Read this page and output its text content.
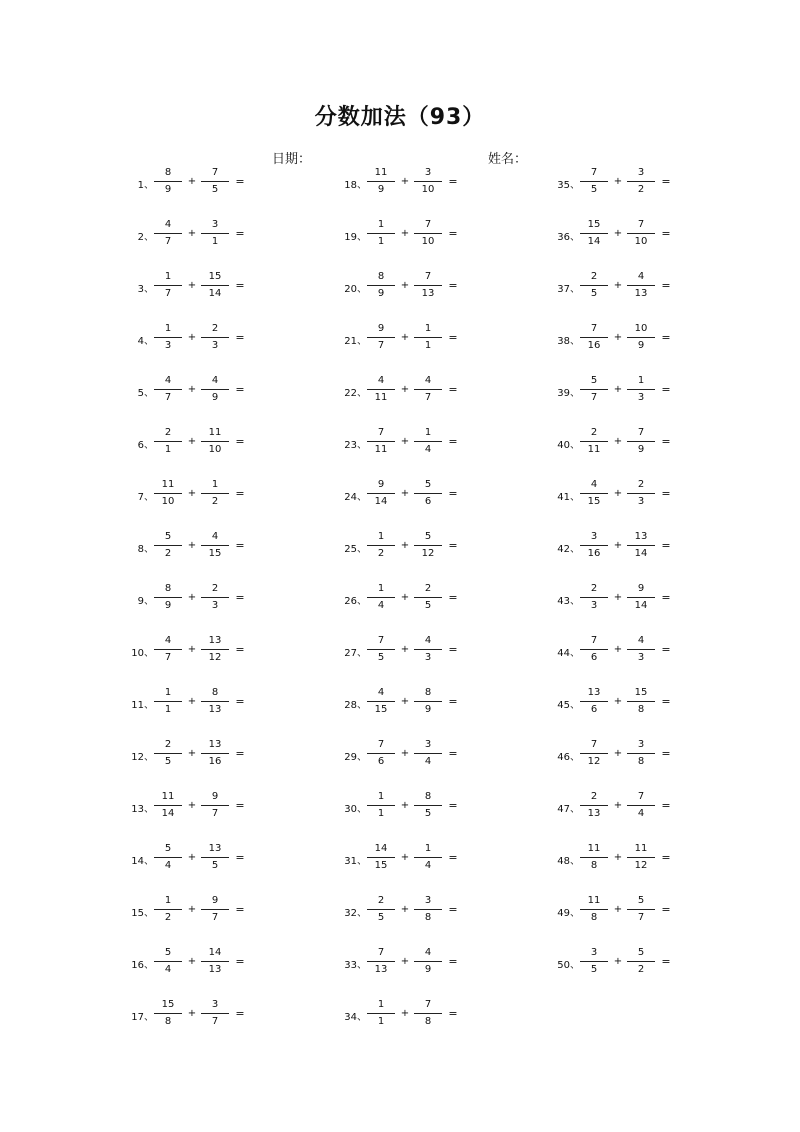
分数加法（93）
日期：	姓名：
1、
8
9
+
7
5
=
2、
4
7
+
3
1
=
3、
1
7
+
15
14
=
4、
1
3
+
2
3
=
5、
4
7
+
4
9
=
6、
2
1
+
11
10
=
7、
11
10
+
1
2
=
8、
5
2
+
4
15
=
9、
8
9
+
2
3
=
10、
4
7
+
13
12
=
11、
1
1
+
8
13
=
12、
2
5
+
13
16
=
13、
11
14
+
9
7
=
14、
5
4
+
13
5
=
15、
1
2
+
9
7
=
16、
5
4
+
14
13
=
17、
15
8
+
3
7
=
18、
11
9
+
3
10
=
19、
1
1
+
7
10
=
20、
8
9
+
7
13
=
21、
9
7
+
1
1
=
22、
4
11
+
4
7
=
23、
7
11
+
1
4
=
24、
9
14
+
5
6
=
25、
1
2
+
5
12
=
26、
1
4
+
2
5
=
27、
7
5
+
4
3
=
28、
4
15
+
8
9
=
29、
7
6
+
3
4
=
30、
1
1
+
8
5
=
31、
14
15
+
1
4
=
32、
2
5
+
3
8
=
33、
7
13
+
4
9
=
34、
1
1
+
7
8
=
35、
7
5
+
3
2
=
36、
15
14
+
7
10
=
37、
2
5
+
4
13
=
38、
7
16
+
10
9
=
39、
5
7
+
1
3
=
40、
2
11
+
7
9
=
41、
4
15
+
2
3
=
42、
3
16
+
13
14
=
43、
2
3
+
9
14
=
44、
7
6
+
4
3
=
45、
13
6
+
15
8
=
46、
7
12
+
3
8
=
47、
2
13
+
7
4
=
48、
11
8
+
11
12
=
49、
11
8
+
5
7
=
50、
3
5
+
5
2
=
